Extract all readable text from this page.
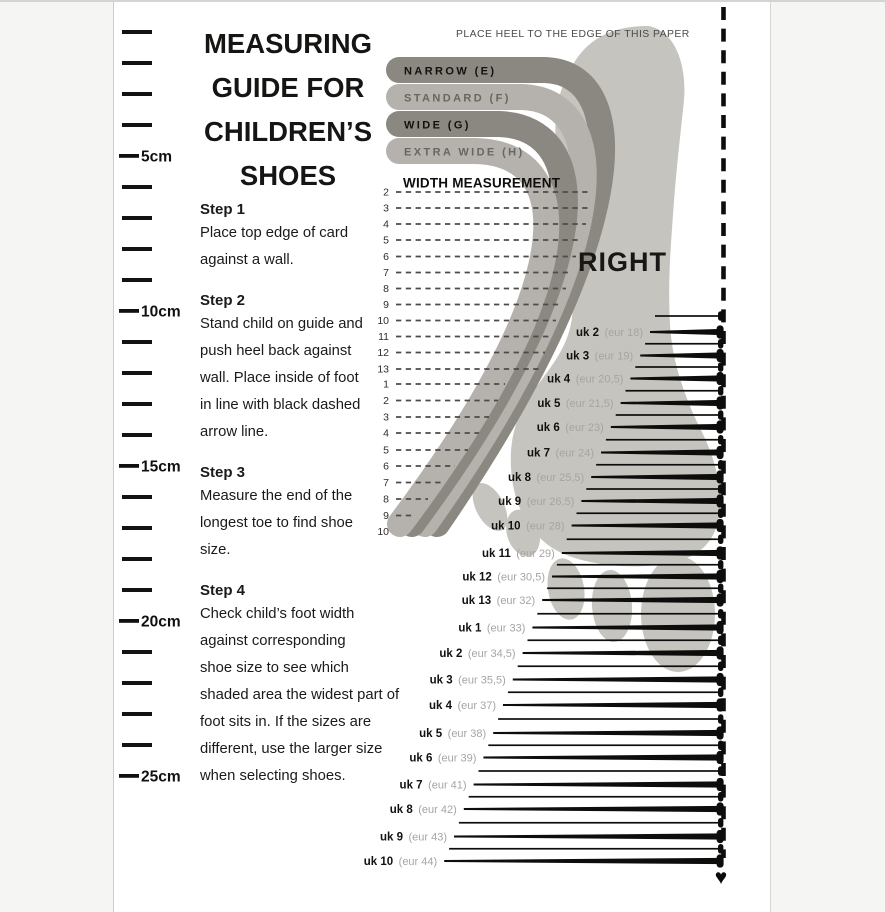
MEASURING
GUIDE FOR
CHILDREN’S
SHOES
Step 1
Place top edge of card
against a wall.
Step 2
Stand child on guide and
push heel back against
wall. Place inside of foot
in line with black dashed
arrow line.
Step 3
Measure the end of the
longest toe to find shoe
size.
Step 4
Check child’s foot width
against corresponding
shoe size to see which
shaded area the widest part of
foot sits in. If the sizes are
different, use the larger size
when selecting shoes.
2
3
4
5
6
7
8
9
10
11
12
13
1
2
3
4
5
6
7
8
9
10
5cm
10cm
15cm
20cm
25cm
uk 2 (eur 18)
uk 3 (eur 19)
uk 4 (eur 20,5)
uk 5 (eur 21,5)
uk 6 (eur 23)
uk 7 (eur 24)
uk 8 (eur 25,5)
uk 9 (eur 26,5)
uk 10 (eur 28)
uk 11 (eur 29)
uk 12 (eur 30,5)
uk 13 (eur 32)
uk 1 (eur 33)
uk 2 (eur 34,5)
uk 3 (eur 35,5)
uk 4 (eur 37)
uk 5 (eur 38)
uk 6 (eur 39)
uk 7 (eur 41)
uk 8 (eur 42)
uk 9 (eur 43)
uk 10 (eur 44)
NARROW (E)
STANDARD (F)
WIDE (G)
EXTRA WIDE (H)
WIDTH MEASUREMENT
PLACE HEEL TO THE EDGE OF THIS PAPER
RIGHT
♥
